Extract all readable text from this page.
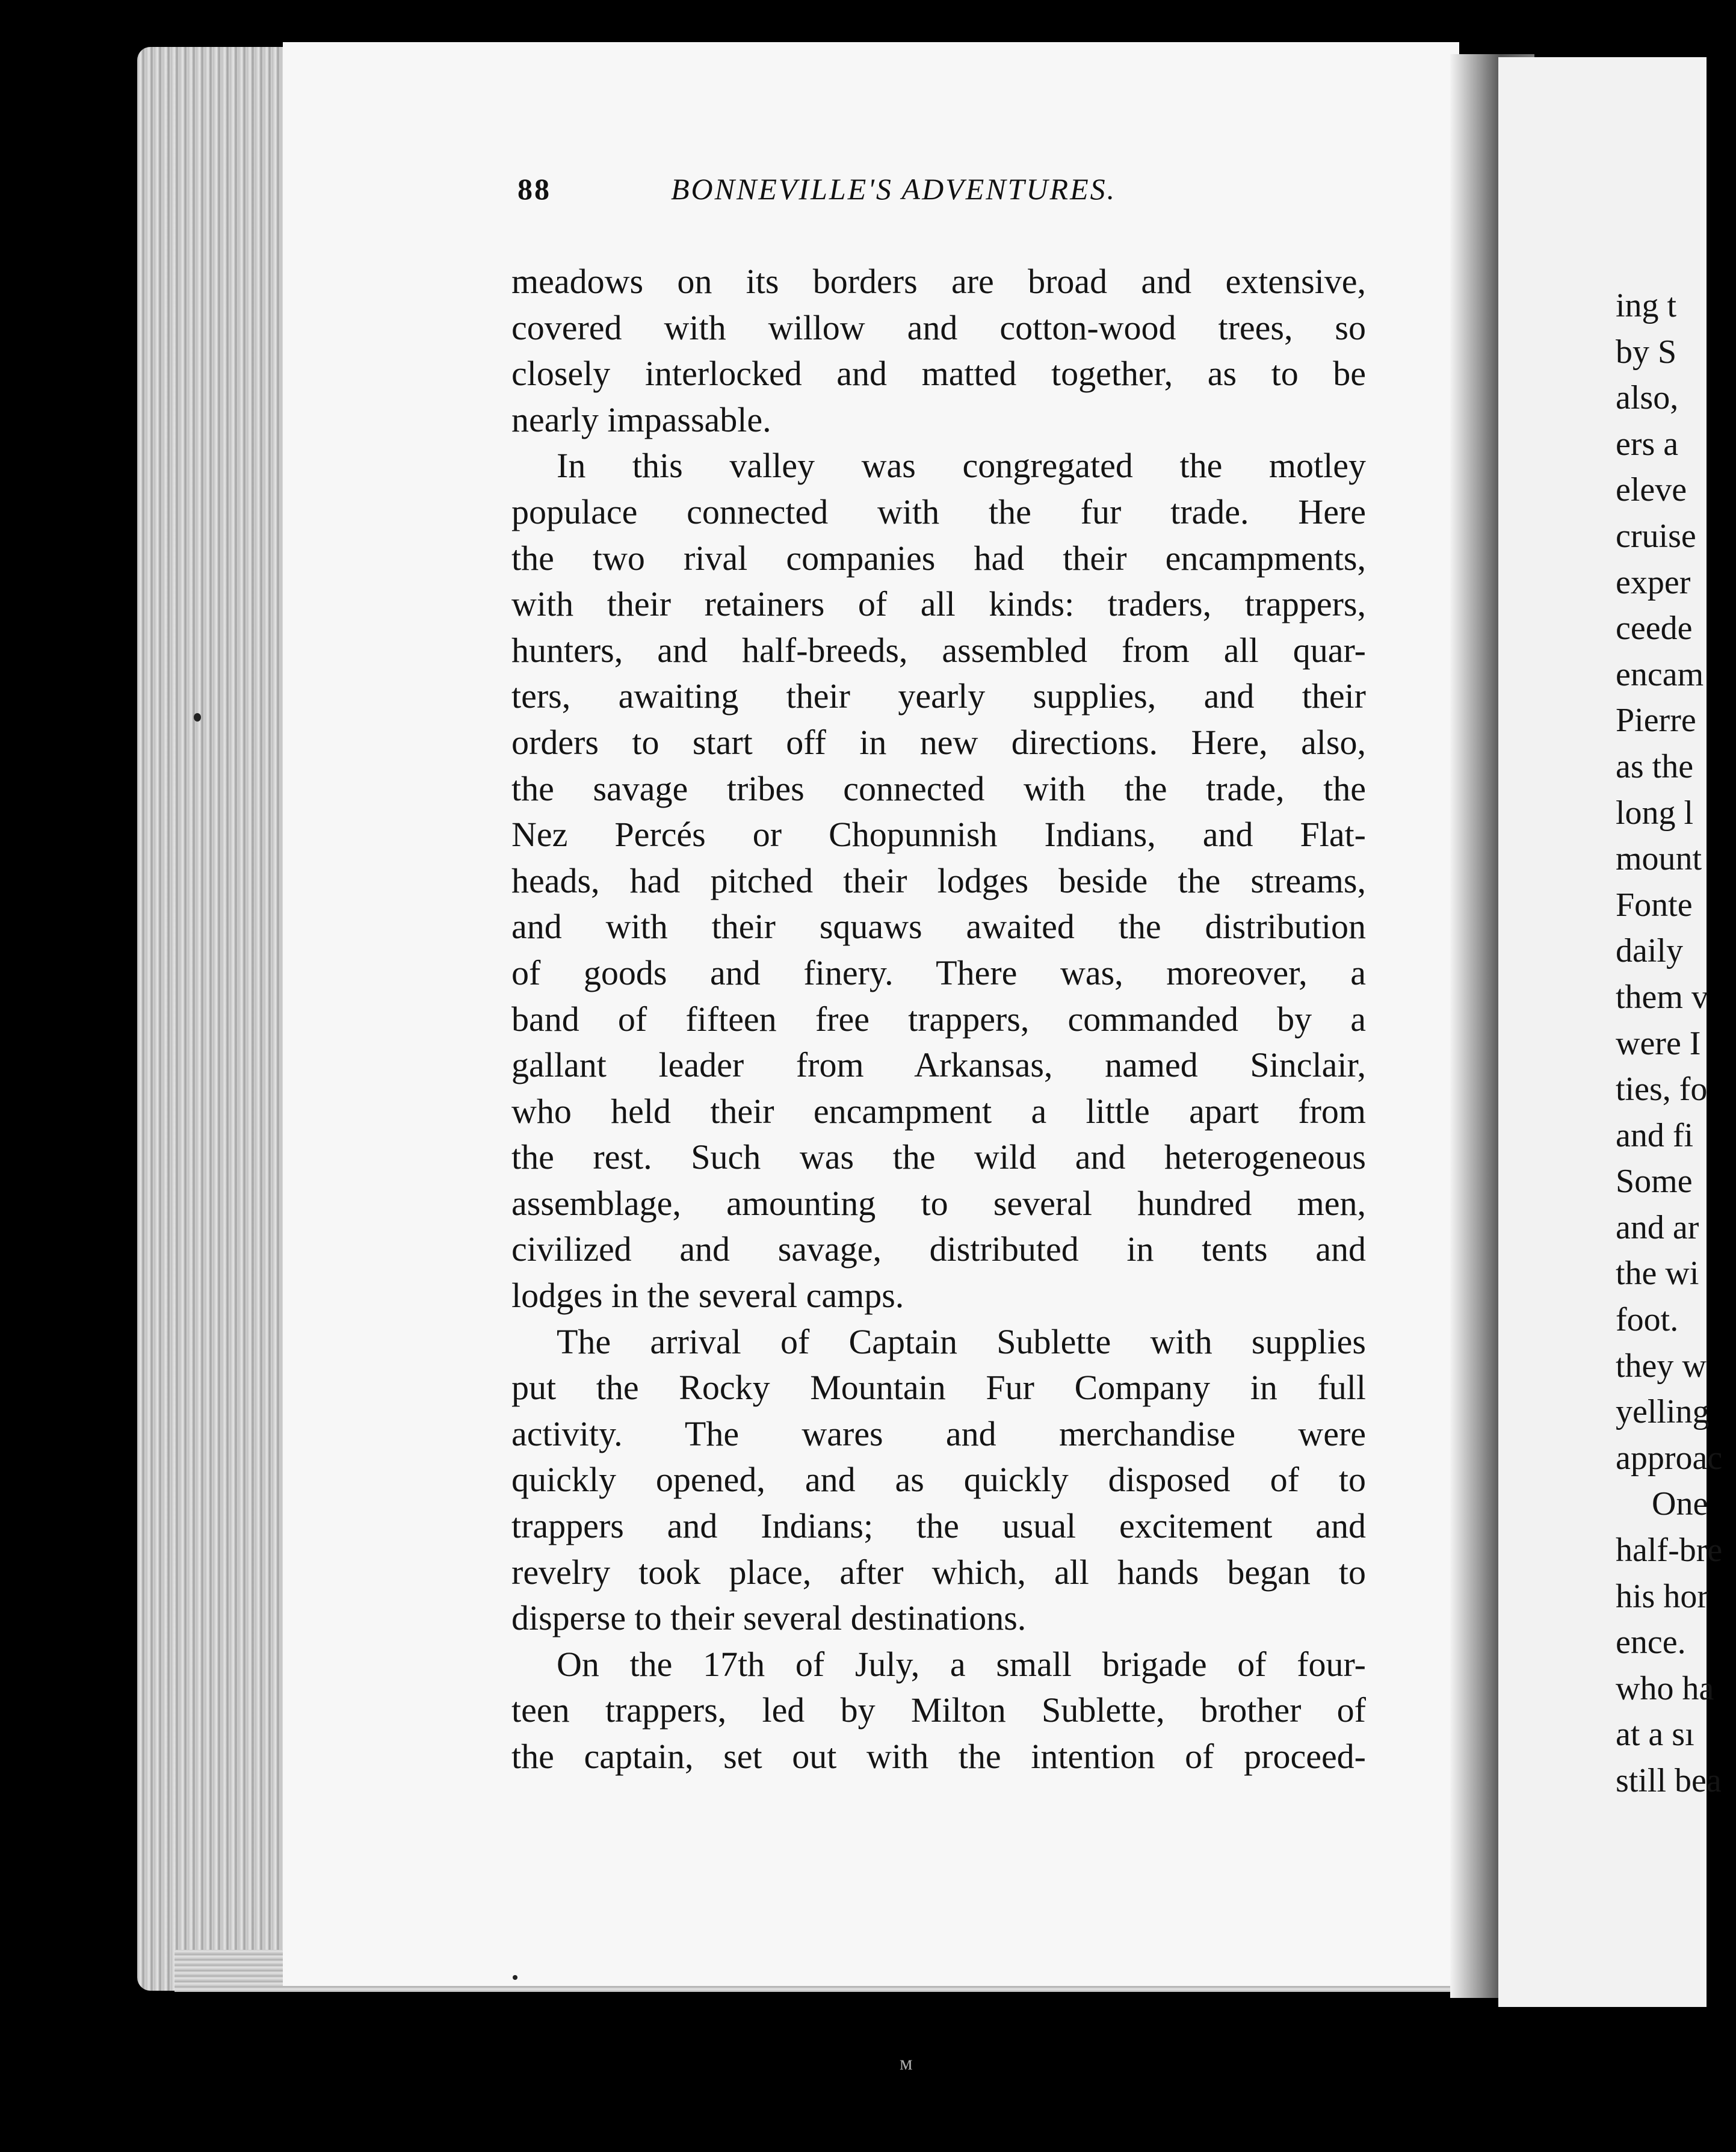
88	BONNEVILLE'S ADVENTURES.
meadows on its borders are broad and extensive,
covered with willow and cotton-wood trees, so
closely interlocked and matted together, as to be
nearly impassable.
In this valley was congregated the motley
populace connected with the fur trade. Here
the two rival companies had their encampments,
with their retainers of all kinds: traders, trappers,
hunters, and half-breeds, assembled from all quar-
ters, awaiting their yearly supplies, and their
orders to start off in new directions. Here, also,
the savage tribes connected with the trade, the
Nez Percés or Chopunnish Indians, and Flat-
heads, had pitched their lodges beside the streams,
and with their squaws awaited the distribution
of goods and finery. There was, moreover, a
band of fifteen free trappers, commanded by a
gallant leader from Arkansas, named Sinclair,
who held their encampment a little apart from
the rest. Such was the wild and heterogeneous
assemblage, amounting to several hundred men,
civilized and savage, distributed in tents and
lodges in the several camps.
The arrival of Captain Sublette with supplies
put the Rocky Mountain Fur Company in full
activity. The wares and merchandise were
quickly opened, and as quickly disposed of to
trappers and Indians; the usual excitement and
revelry took place, after which, all hands began to
disperse to their several destinations.
On the 17th of July, a small brigade of four-
teen trappers, led by Milton Sublette, brother of
the captain, set out with the intention of proceed-
ing t
by S
also,
ers a
eleve
cruise
exper
ceede
encam
Pierre
as the
long l
mount
Fonte
daily
them v
were I
ties, fo
and fi
Some
and ar
the wi
foot.
they w
yelling
approac
One
half-bre
his hor
ence.
who ha
at a sı
still bea
ᴍ
